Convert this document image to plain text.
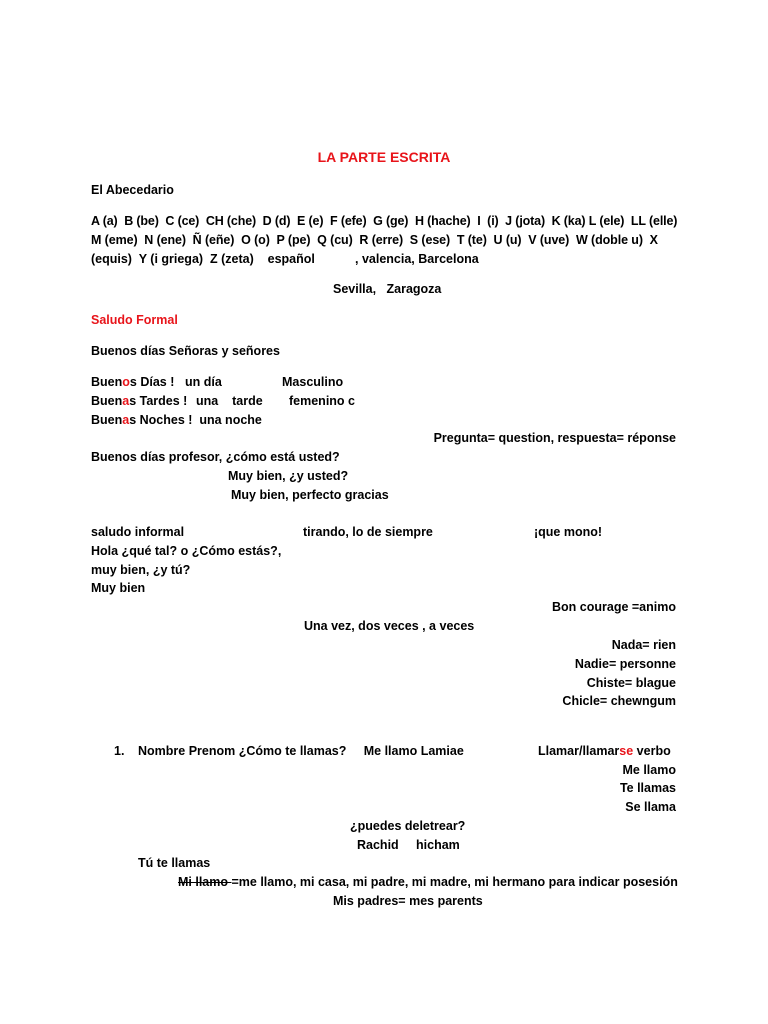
LA PARTE ESCRITA
El Abecedario
A (a)  B (be)  C (ce)  CH (che)  D (d)  E (e)  F (efe)  G (ge)  H (hache)  I  (i)  J (jota)  K (ka) L (ele)  LL (elle)
M (eme)  N (ene)  Ñ (eñe)  O (o)  P (pe)  Q (cu)  R (erre)  S (ese)  T (te)  U (u)  V (uve)  W (doble u)  X
(equis)  Y (i griega)  Z (zeta)    español	, valencia, Barcelona
Sevilla,   Zaragoza
Saludo Formal
Buenos días Señoras y señores
Buenos Días ! un día	Masculino
Buenas Tardes ! una    tarde femenino c
Buenas Noches !  una noche
Pregunta= question, respuesta= réponse
Buenos días profesor, ¿cómo está usted?
Muy bien, ¿y usted?
Muy bien, perfecto gracias
saludo informal	tirando, lo de siempre	¡que mono!
Hola ¿qué tal? o ¿Cómo estás?,
muy bien, ¿y tú?
Muy bien
Bon courage =animo
Una vez, dos veces , a veces
Nada= rien
Nadie= personne
Chiste= blague
Chicle= chewngum
1. Nombre Prenom ¿Cómo te llamas?     Me llamo Lamiae	Llamar/llamarse verbo
Me llamo
Te llamas
Se llama
¿puedes deletrear?
Rachid     hicham
Tú te llamas
Mi llamo =me llamo, mi casa, mi padre, mi madre, mi hermano para indicar posesión
Mis padres= mes parents
